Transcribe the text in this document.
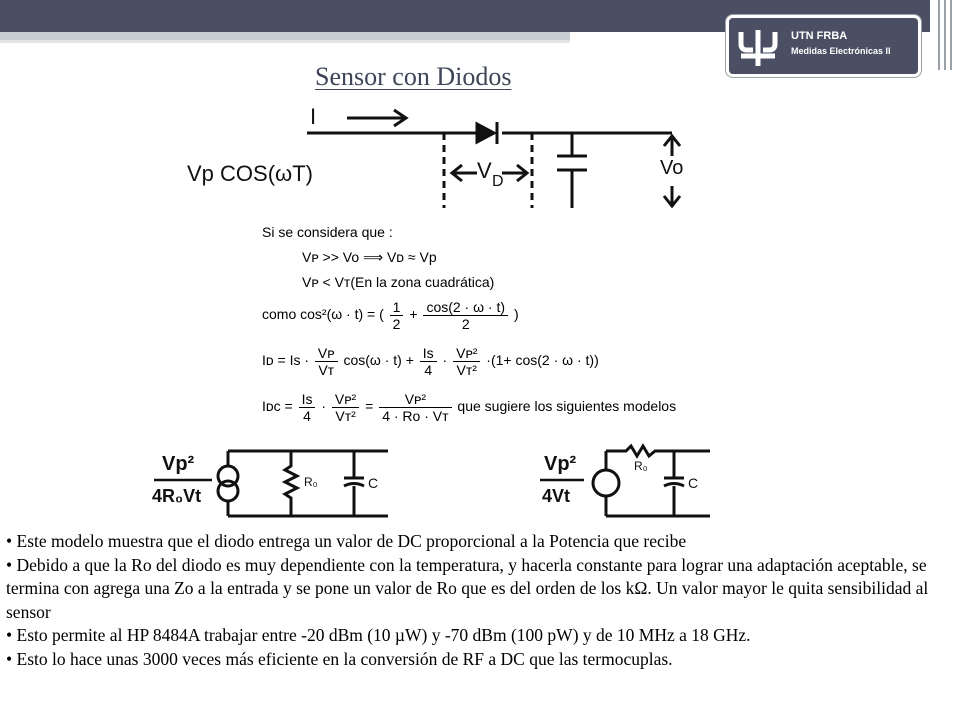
UTN FRBA
Medidas Electrónicas II
Sensor con Diodos
I
Vp COS(ωT)	V D
Vo
Si se considera que :
Vᴘ >> Vo ⟹ Vᴅ ≈ Vp
Vᴘ < Vᴛ(En la zona cuadrática)
como cos²(ω · t) = ( $\frac{1}{2} + \frac{\cos(2 \cdot \omega \cdot t)}{2}$ )
Iᴅ = $Is \cdot \frac{\text{Vᴘ}}{\text{Vᴛ}} \cos(\omega \cdot t) + \frac{Is}{4} \cdot \frac{\text{Vᴘ²}}{\text{Vᴛ²}} \cdot(1+ \cos(2 \cdot \omega \cdot t))$
Iᴅᴄ = $\frac{Is}{4} \cdot \frac{\text{Vᴘ²}}{\text{Vᴛ²}} = \frac{\text{Vᴘ²}}{\text{4 · Ro · Vᴛ}}$ que sugiere los siguientes modelos
Vp²
4R₀Vt
R₀	C
Vp²
4Vt
R₀
C

• Este modelo muestra que el diodo entrega un valor de DC proporcional a la Potencia que recibe

• Debido a que la Ro del diodo es muy dependiente con la temperatura, y hacerla constante para lograr una adaptación aceptable, se termina con agrega una Zo a la entrada y se pone un valor de Ro que es del orden de los kΩ. Un valor mayor le quita sensibilidad al sensor

• Esto permite al HP 8484A trabajar entre -20 dBm (10 µW) y -70 dBm (100 pW) y de 10 MHz a 18 GHz.

• Esto lo hace unas 3000 veces más eficiente en la conversión de RF a DC que las termocuplas.
